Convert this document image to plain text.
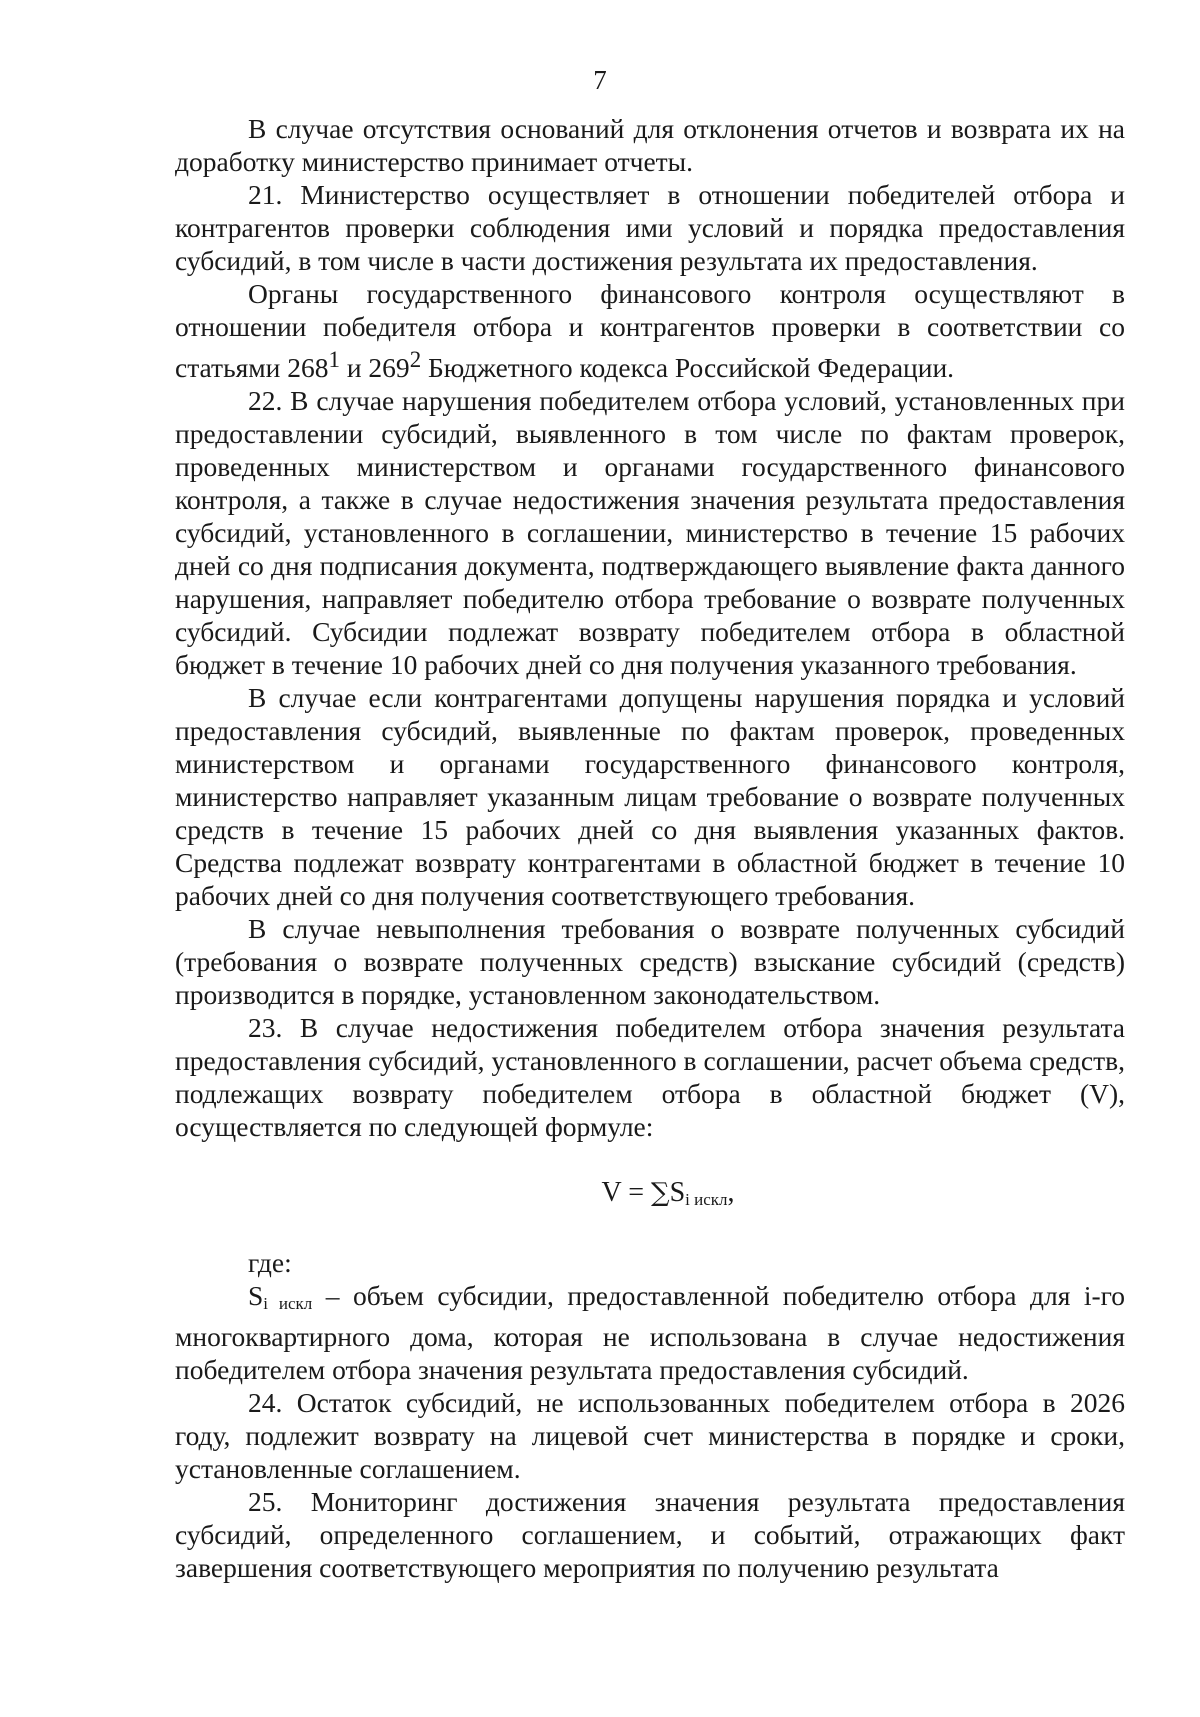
7

В случае отсутствия оснований для отклонения отчетов и возврата их на доработку министерство принимает отчеты.

21. Министерство осуществляет в отношении победителей отбора и контрагентов проверки соблюдения ими условий и порядка предоставления субсидий, в том числе в части достижения результата их предоставления.

Органы государственного финансового контроля осуществляют в отношении победителя отбора и контрагентов проверки в соответствии со статьями $268^1$ и $269^2$ Бюджетного кодекса Российской Федерации.

22. В случае нарушения победителем отбора условий, установленных при предоставлении субсидий, выявленного в том числе по фактам проверок, проведенных министерством и органами государственного финансового контроля, а также в случае недостижения значения результата предоставления субсидий, установленного в соглашении, министерство в течение 15 рабочих дней со дня подписания документа, подтверждающего выявление факта данного нарушения, направляет победителю отбора требование о возврате полученных субсидий. Субсидии подлежат возврату победителем отбора в областной бюджет в течение 10 рабочих дней со дня получения указанного требования.

В случае если контрагентами допущены нарушения порядка и условий предоставления субсидий, выявленные по фактам проверок, проведенных министерством и органами государственного финансового контроля, министерство направляет указанным лицам требование о возврате полученных средств в течение 15 рабочих дней со дня выявления указанных фактов. Средства подлежат возврату контрагентами в областной бюджет в течение 10 рабочих дней со дня получения соответствующего требования.

В случае невыполнения требования о возврате полученных субсидий (требования о возврате полученных средств) взыскание субсидий (средств) производится в порядке, установленном законодательством.

23. В случае недостижения победителем отбора значения результата предоставления субсидий, установленного в соглашении, расчет объема средств, подлежащих возврату победителем отбора в областной бюджет (V), осуществляется по следующей формуле:

$V = \sum S_{i искл}$,

где:

Si искл – объем субсидии, предоставленной победителю отбора для i-го многоквартирного дома, которая не использована в случае недостижения победителем отбора значения результата предоставления субсидий.

24. Остаток субсидий, не использованных победителем отбора в 2026 году, подлежит возврату на лицевой счет министерства в порядке и сроки, установленные соглашением.

25. Мониторинг достижения значения результата предоставления субсидий, определенного соглашением, и событий, отражающих факт завершения соответствующего мероприятия по получению результата
